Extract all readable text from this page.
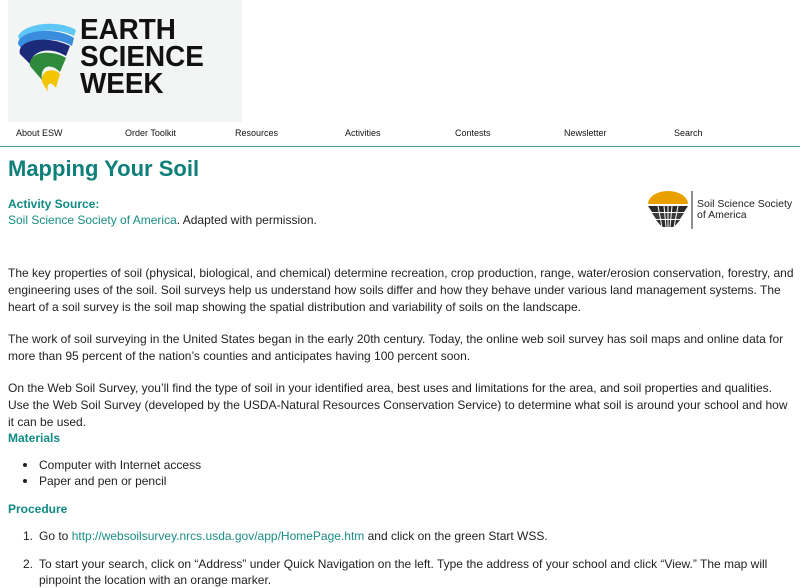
EARTH
SCIENCE
WEEK
About ESW	Order Toolkit	Resources	Activities	Contests	Newsletter	Search
Mapping Your Soil
Activity Source:
Soil Science Society of America. Adapted with permission.
Soil Science Society
of America

The key properties of soil (physical, biological, and chemical) determine recreation, crop production, range, water/erosion conservation, forestry, and engineering uses of the soil. Soil surveys help us understand how soils differ and how they behave under various land management systems. The heart of a soil survey is the soil map showing the spatial distribution and variability of soils on the landscape.

The work of soil surveying in the United States began in the early 20th century. Today, the online web soil survey has soil maps and online data for more than 95 percent of the nation’s counties and anticipates having 100 percent soon.

On the Web Soil Survey, you’ll find the type of soil in your identified area, best uses and limitations for the area, and soil properties and qualities. Use the Web Soil Survey (developed by the USDA-Natural Resources Conservation Service) to determine what soil is around your school and how it can be used.

Materials
Computer with Internet access
Paper and pen or pencil
Procedure
1. Go to http://websoilsurvey.nrcs.usda.gov/app/HomePage.htm and click on the green Start WSS.
2. To start your search, click on “Address” under Quick Navigation on the left. Type the address of your school and click “View.” The map will pinpoint the location with an orange marker.
